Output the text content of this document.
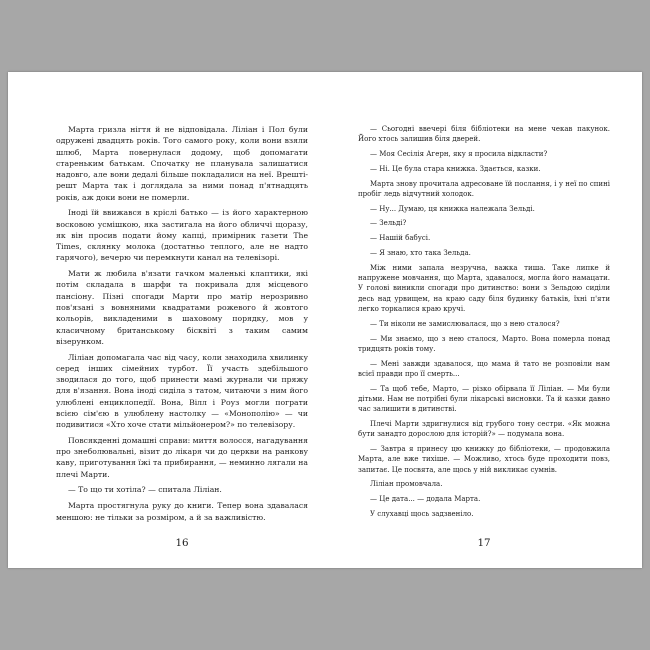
Марта гризла нігтя й не відповідала. Ліліан і Пол були одружені двадцять років. Того самого року, коли вони взяли шлюб, Марта повернулася додому, щоб допомагати стареньким батькам. Спочатку не планувала залишатися надовго, але вони дедалі більше покладалися на неї. Врешті-решт Марта так і доглядала за ними понад п'ятнадцять років, аж доки вони не померли.

Іноді їй ввижався в кріслі батько — із його характерною восковою усмішкою, яка застигала на його обличчі щоразу, як він просив подати йому капці, примірник газети The Times, склянку молока (достатньо теплого, але не надто гарячого), вечерю чи перемкнути канал на телевізорі.

Мати ж любила в'язати гачком маленькі клаптики, які потім складала в шарфи та покривала для місцевого пансіону. Пізні спогади Марти про матір нерозривно пов'язані з вовняними квадратами рожевого й жовтого кольорів, викладеними в шаховому порядку, мов у класичному британському бісквіті з таким самим візерунком.

Ліліан допомагала час від часу, коли знаходила хвилинку серед інших сімейних турбот. Її участь здебільшого зводилася до того, щоб принести мамі журнали чи пряжу для в'язання. Вона іноді сиділа з татом, читаючи з ним його улюблені енциклопедії. Вона, Вілл і Роуз могли пограти всією сім'єю в улюблену настолку — «Монополію» — чи подивитися «Хто хоче стати мільйонером?» по телевізору.

Повсякденні домашні справи: миття волосся, нагадування про знеболювальні, візит до лікаря чи до церкви на ранкову каву, приготування їжі та прибирання, — неминно лягали на плечі Марти.

— То що ти хотіла? — спитала Ліліан.

Марта простягнула руку до книги. Тепер вона здавалася меншою: не тільки за розміром, а й за важливістю.

16

— Сьогодні ввечері біля бібліотеки на мене чекав пакунок. Його хтось залишив біля дверей.

— Моя Сесілія Агерн, яку я просила відкласти?

— Ні. Це була стара книжка. Здається, казки.

Марта знову прочитала адресоване їй послання, і у неї по спині пробіг ледь відчутний холодок.

— Ну... Думаю, ця книжка належала Зельді.

— Зельді?

— Нашій бабусі.

— Я знаю, хто така Зельда.

Між ними запала незручна, важка тиша. Таке липке й напружене мовчання, що Марта, здавалося, могла його намацати. У голові виникли спогади про дитинство: вони з Зельдою сиділи десь над урвищем, на краю саду біля будинку батьків, їхні п'яти легко торкалися краю кручі.

— Ти ніколи не замислювалася, що з нею сталося?

— Ми знаємо, що з нею сталося, Марто. Вона померла понад тридцять років тому.

— Мені завжди здавалося, що мама й тато не розповіли нам всієї правди про її смерть...

— Та щоб тебе, Марто, — різко обірвала її Ліліан. — Ми були дітьми. Нам не потрібні були лікарські висновки. Та й казки давно час залишити в дитинстві.

Плечі Марти здригнулися від грубого тону сестри. «Як можна бути занадто дорослою для історій?» — подумала вона.

— Завтра я принесу цю книжку до бібліотеки, — продовжила Марта, але вже тихіше. — Можливо, хтось буде проходити повз, запитає. Це посвята, але щось у ній викликає сумнів.

Ліліан промовчала.

— Це дата... — додала Марта.

У слухавці щось задзвеніло.

17
